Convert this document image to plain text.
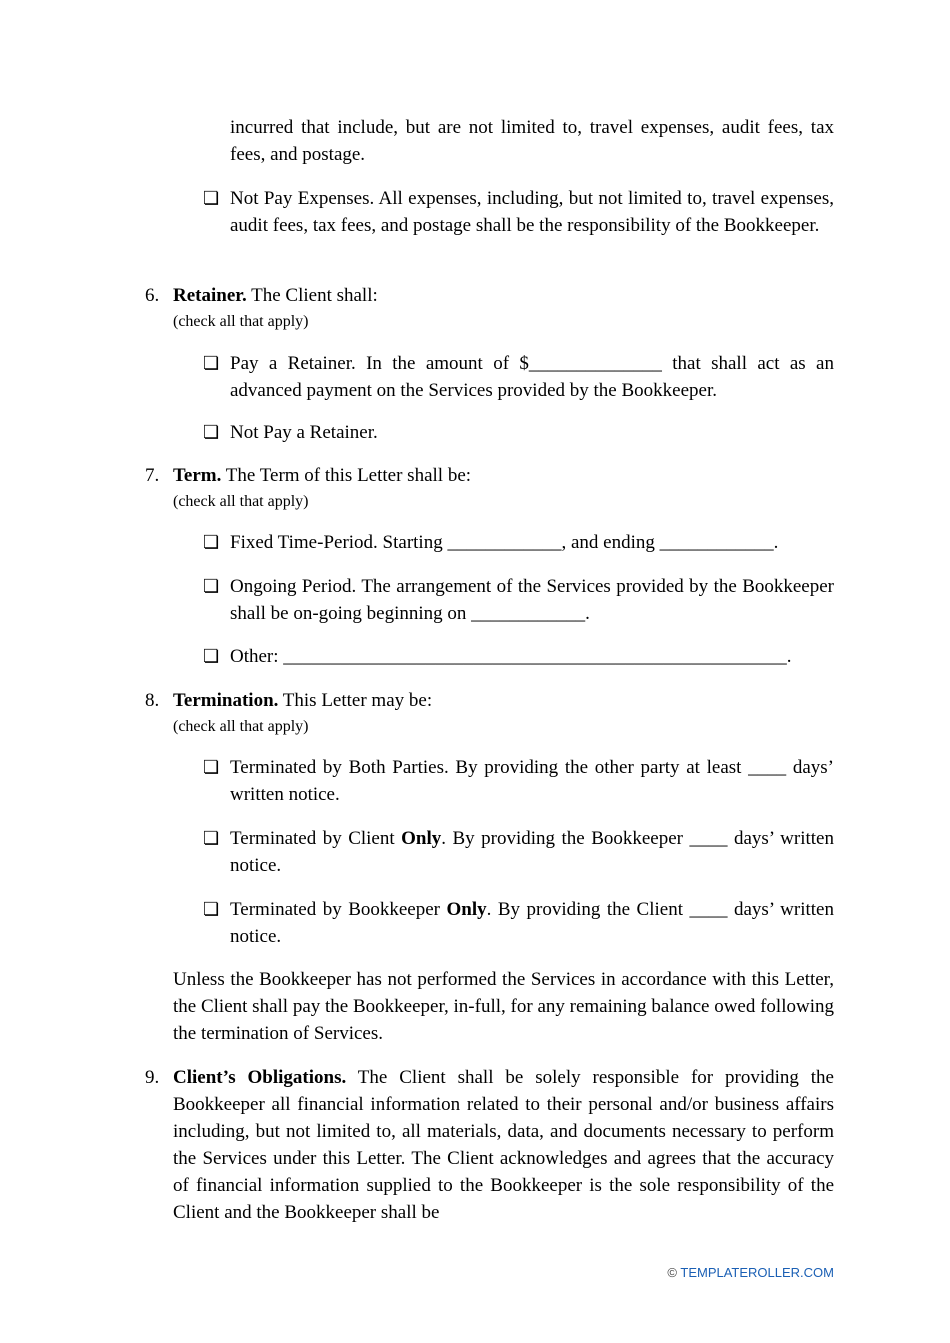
incurred that include, but are not limited to, travel expenses, audit fees, tax fees, and postage.
❏ Not Pay Expenses. All expenses, including, but not limited to, travel expenses, audit fees, tax fees, and postage shall be the responsibility of the Bookkeeper.
6. Retainer. The Client shall:
(check all that apply)
❏ Pay a Retainer. In the amount of $______________ that shall act as an advanced payment on the Services provided by the Bookkeeper.
❏ Not Pay a Retainer.
7. Term. The Term of this Letter shall be:
(check all that apply)
❏ Fixed Time-Period. Starting ____________, and ending ____________.
❏ Ongoing Period. The arrangement of the Services provided by the Bookkeeper shall be on-going beginning on ____________.
❏ Other: _____________________________________________________.
8. Termination. This Letter may be:
(check all that apply)
❏ Terminated by Both Parties. By providing the other party at least ____ days’ written notice.
❏ Terminated by Client Only. By providing the Bookkeeper ____ days’ written notice.
❏ Terminated by Bookkeeper Only. By providing the Client ____ days’ written notice.
Unless the Bookkeeper has not performed the Services in accordance with this Letter, the Client shall pay the Bookkeeper, in-full, for any remaining balance owed following the termination of Services.
9. Client’s Obligations. The Client shall be solely responsible for providing the Bookkeeper all financial information related to their personal and/or business affairs including, but not limited to, all materials, data, and documents necessary to perform the Services under this Letter. The Client acknowledges and agrees that the accuracy of financial information supplied to the Bookkeeper is the sole responsibility of the Client and the Bookkeeper shall be
© TEMPLATEROLLER.COM
